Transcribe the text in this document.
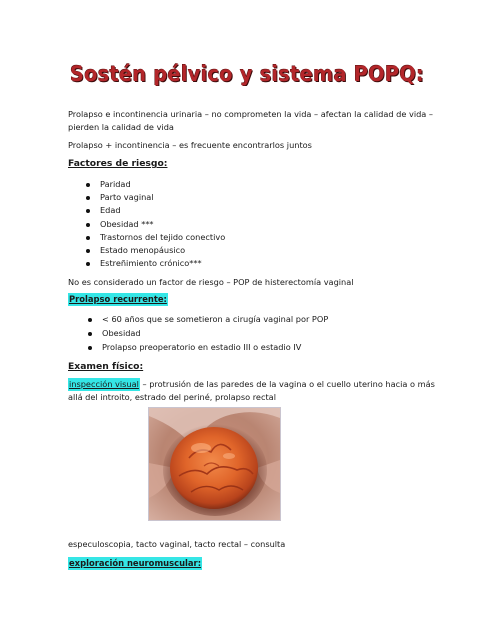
Sostén pélvico y sistema POPQ:
Prolapso e incontinencia urinaria – no comprometen la vida – afectan la calidad de vida – pierden la calidad de vida
Prolapso + incontinencia – es frecuente encontrarlos juntos
Factores de riesgo:
Paridad
Parto vaginal
Edad
Obesidad ***
Trastornos del tejido conectivo
Estado menopáusico
Estreñimiento crónico***
No es considerado un factor de riesgo – POP de histerectomía vaginal
Prolapso recurrente:
< 60 años que se sometieron a cirugía vaginal por POP
Obesidad
Prolapso preoperatorio en estadio III o estadio IV
Examen físico:
inspección visual – protrusión de las paredes de la vagina o el cuello uterino hacia o más allá del introito, estrado del periné, prolapso rectal
especuloscopia, tacto vaginal, tacto rectal – consulta
exploración neuromuscular:
